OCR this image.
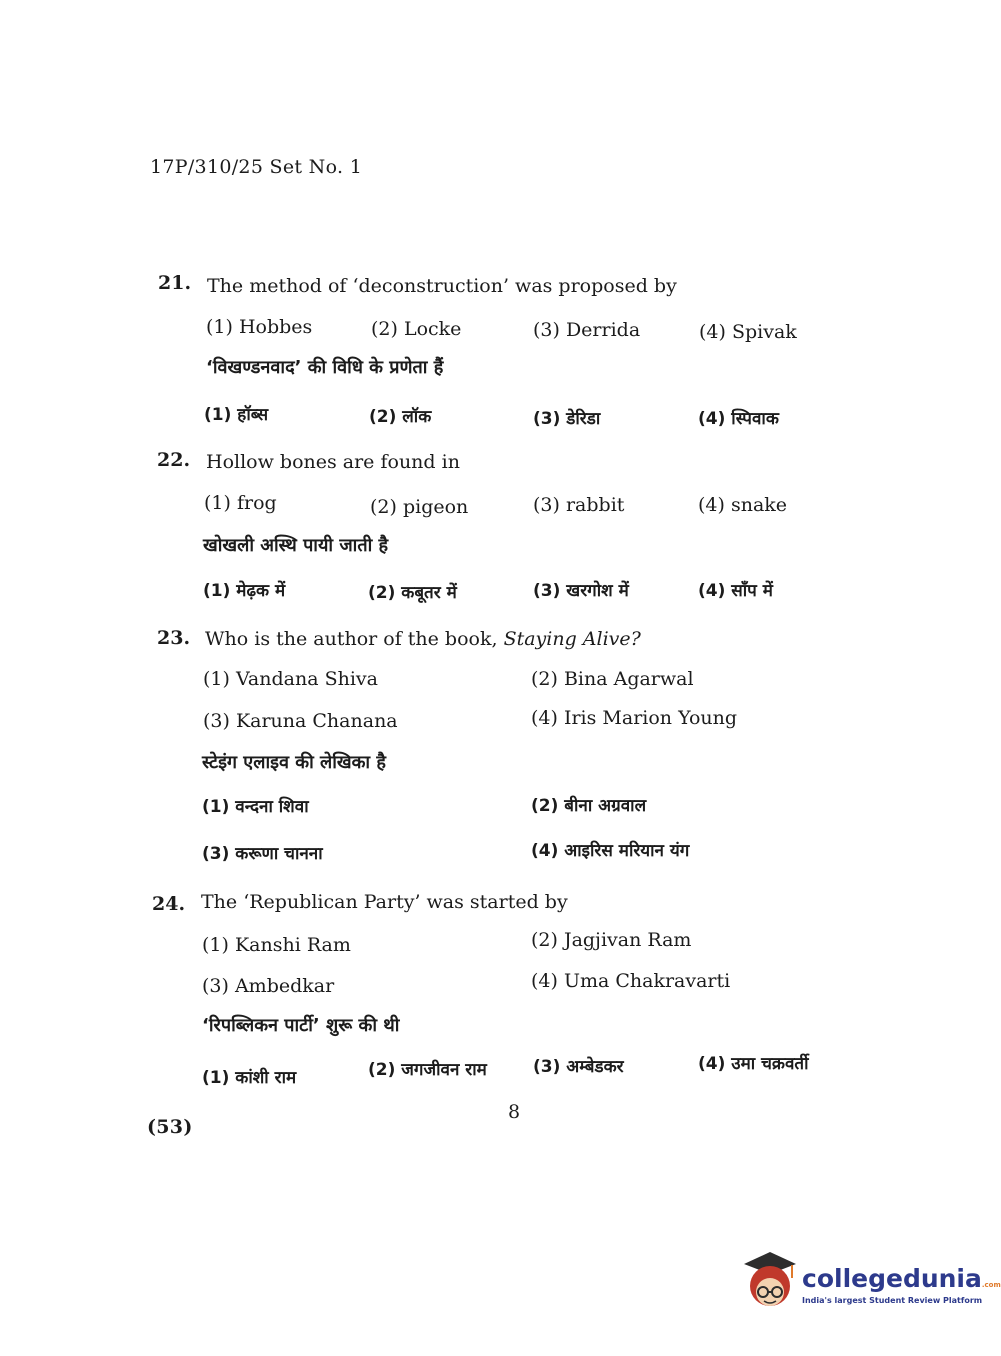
17P/310/25 Set No. 1
21. The method of ‘deconstruction’ was proposed by
(1) Hobbes	(2) Locke	(3) Derrida	(4) Spivak
‘विखण्डनवाद’ की विधि के प्रणेता हैं
(1) हॉब्स	(2) लॉक	(3) डेरिडा	(4) स्पिवाक
22. Hollow bones are found in
(1) frog	(2) pigeon	(3) rabbit	(4) snake
खोखली अस्थि पायी जाती है
(1) मेढ़क में	(2) कबूतर में	(3) खरगोश में	(4) साँप में
23. Who is the author of the book, Staying Alive?
(1) Vandana Shiva	(2) Bina Agarwal
(3) Karuna Chanana	(4) Iris Marion Young
स्टेइंग एलाइव की लेखिका है
(1) वन्दना शिवा	(2) बीना अग्रवाल
(3) करूणा चानना	(4) आइरिस मरियान यंग
24. The ‘Republican Party’ was started by
(1) Kanshi Ram	(2) Jagjivan Ram
(3) Ambedkar	(4) Uma Chakravarti
‘रिपब्लिकन पार्टी’ शुरू की थी
(1) कांशी राम	(2) जगजीवन राम	(3) अम्बेडकर	(4) उमा चक्रवर्ती
8
(53)
collegedunia.com
India's largest Student Review Platform
